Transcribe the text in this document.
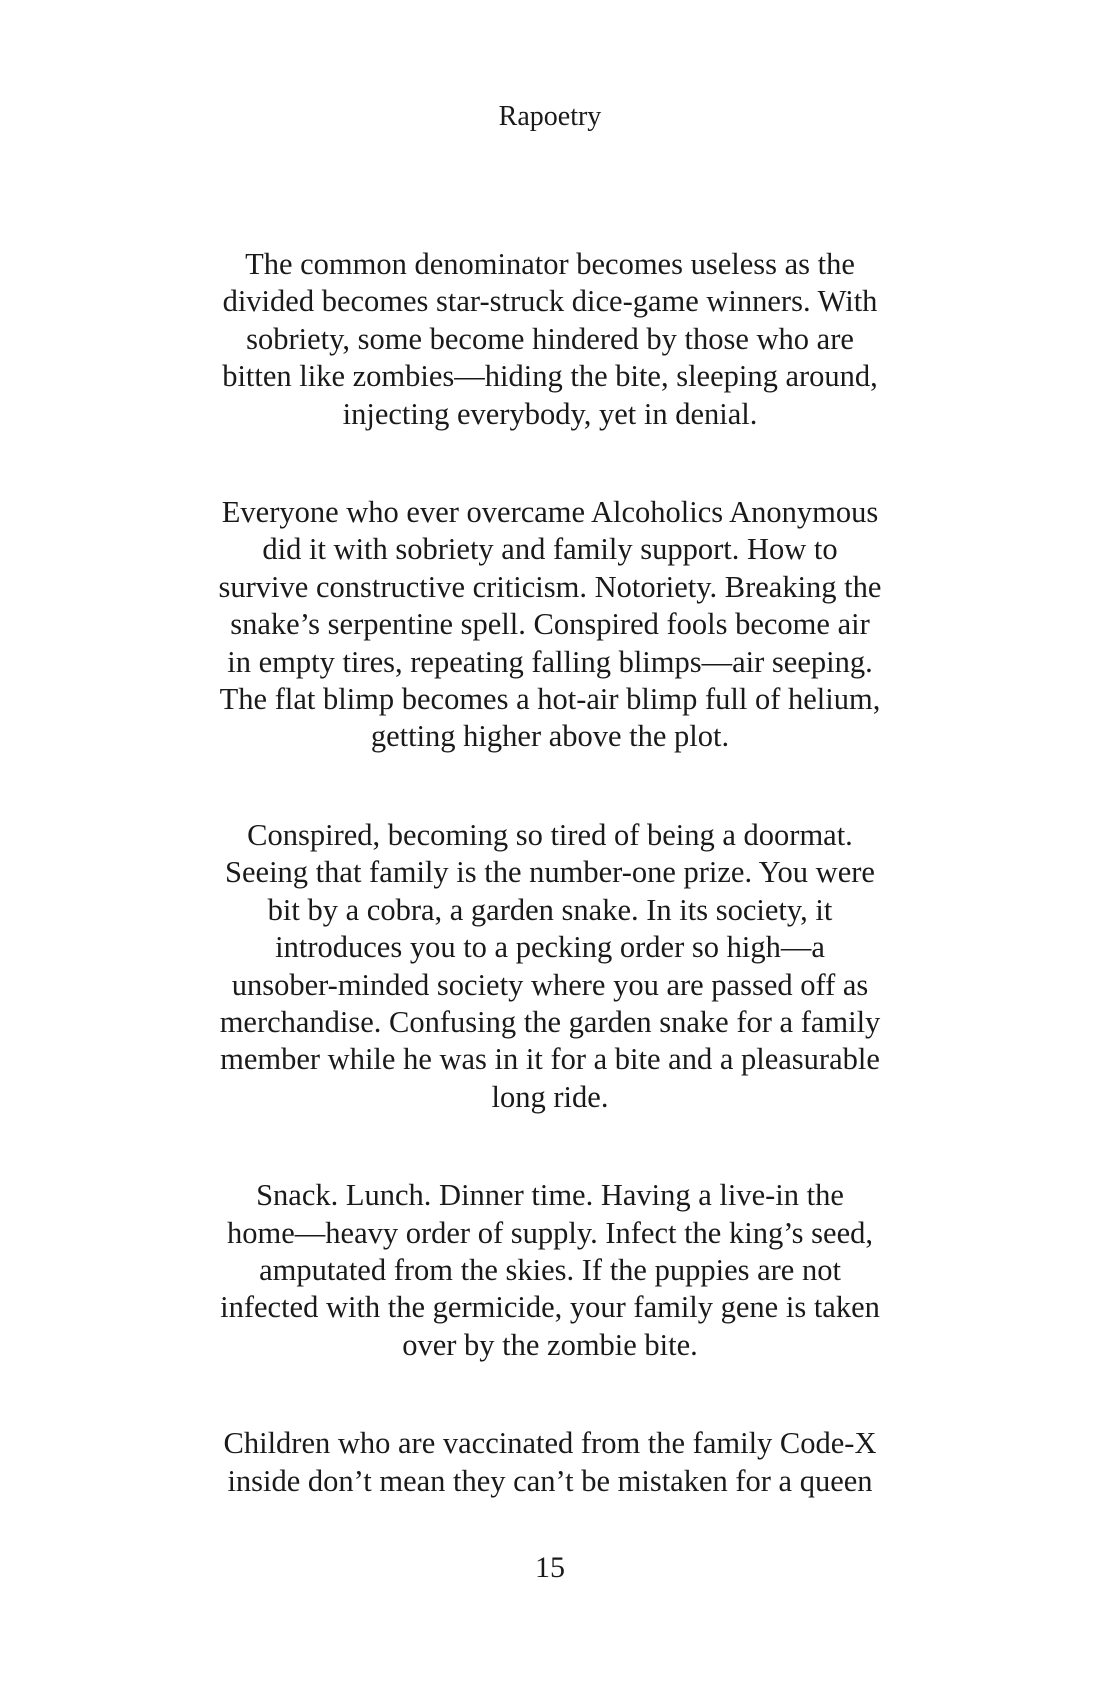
Rapoetry

The common denominator becomes useless as the
divided becomes star-struck dice-game winners. With
sobriety, some become hindered by those who are
bitten like zombies—hiding the bite, sleeping around,
injecting everybody, yet in denial.

Everyone who ever overcame Alcoholics Anonymous
did it with sobriety and family support. How to
survive constructive criticism. Notoriety. Breaking the
snake’s serpentine spell. Conspired fools become air
in empty tires, repeating falling blimps—air seeping.
The flat blimp becomes a hot-air blimp full of helium,
getting higher above the plot.

Conspired, becoming so tired of being a doormat.
Seeing that family is the number-one prize. You were
bit by a cobra, a garden snake. In its society, it
introduces you to a pecking order so high—a
unsober-minded society where you are passed off as
merchandise. Confusing the garden snake for a family
member while he was in it for a bite and a pleasurable
long ride.

Snack. Lunch. Dinner time. Having a live-in the
home—heavy order of supply. Infect the king’s seed,
amputated from the skies. If the puppies are not
infected with the germicide, your family gene is taken
over by the zombie bite.

Children who are vaccinated from the family Code-X
inside don’t mean they can’t be mistaken for a queen

15
